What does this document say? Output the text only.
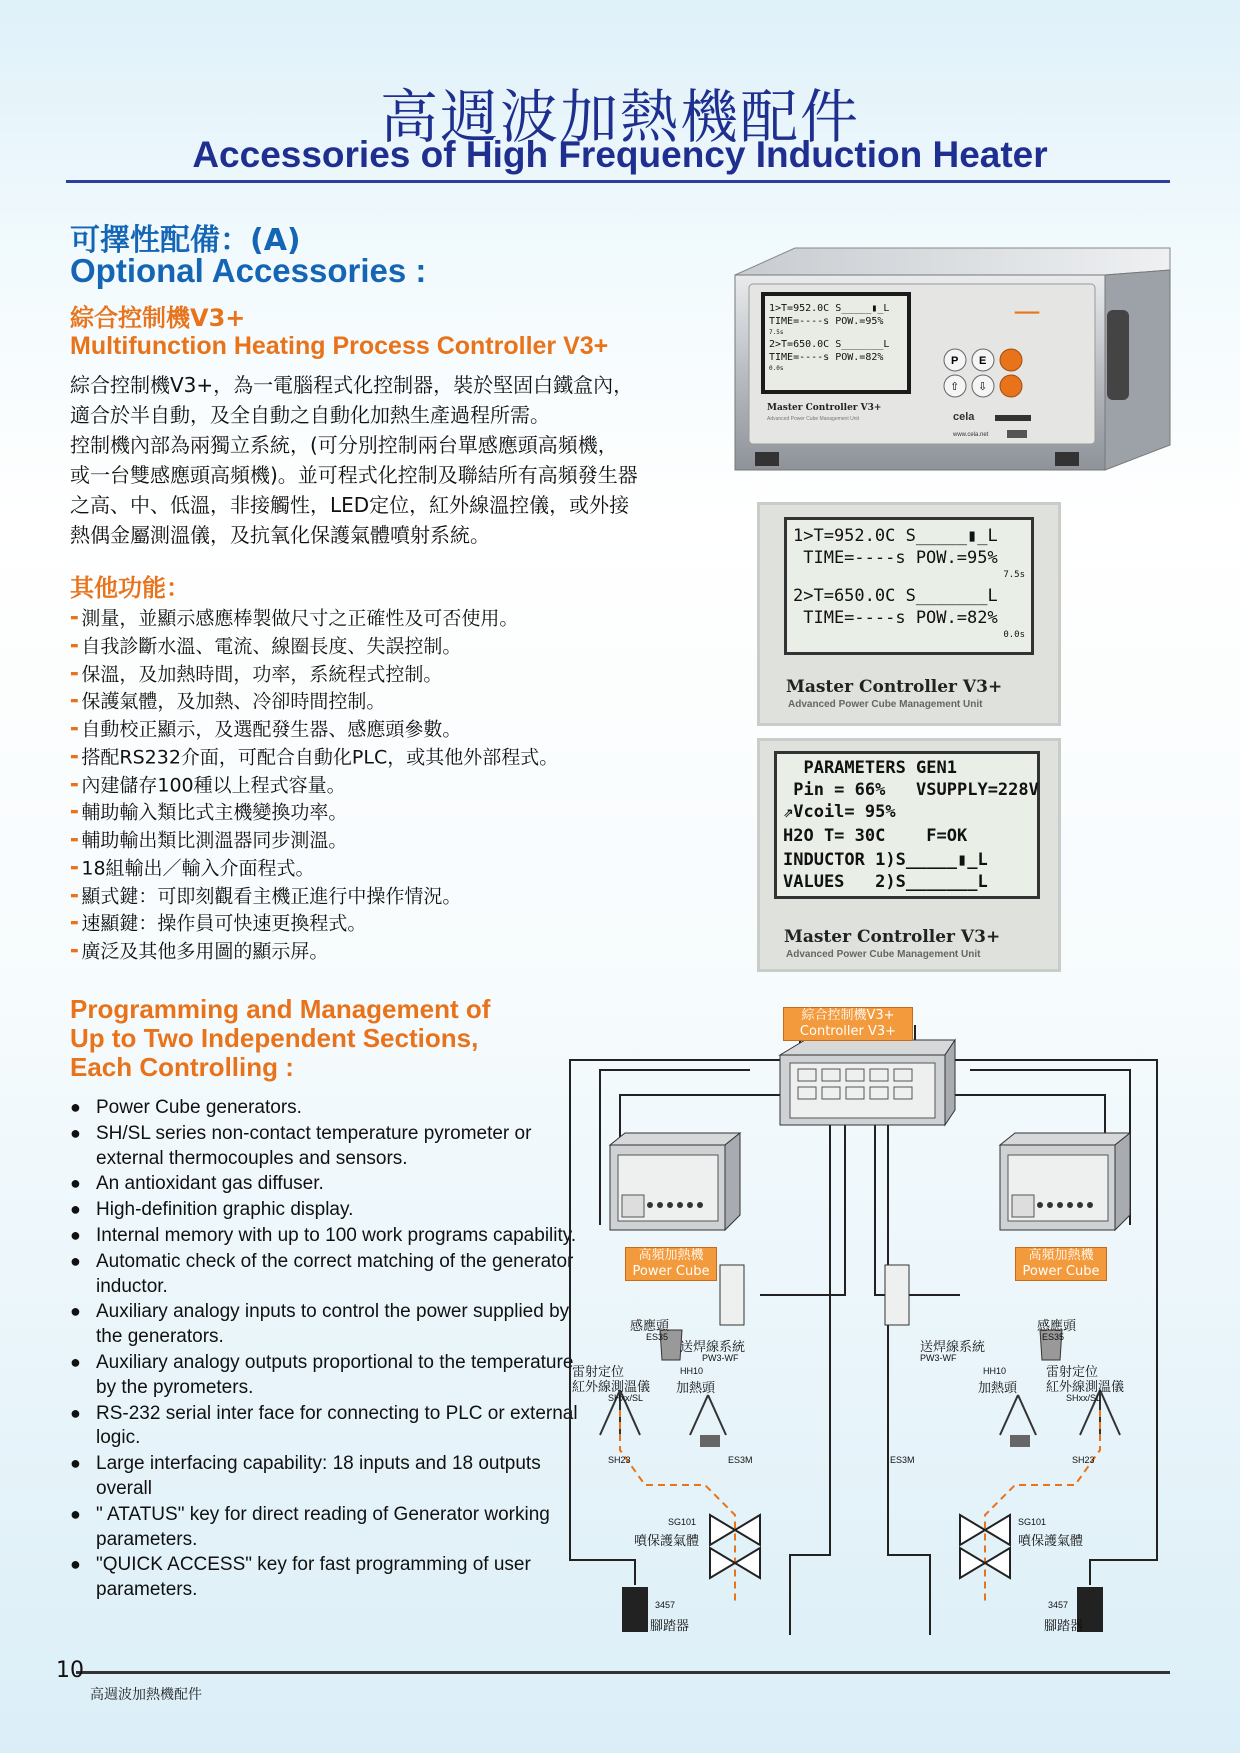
高週波加熱機配件
Accessories of High Frequency Induction Heater
可擇性配備：(A)
Optional Accessories :
綜合控制機V3+
Multifunction Heating Process Controller V3+

綜合控制機V3+，為一電腦程式化控制器，裝於堅固白鐵盒內，

適合於半自動，及全自動之自動化加熱生產過程所需。

控制機內部為兩獨立系統，(可分別控制兩台單感應頭高頻機，

或一台雙感應頭高頻機)。並可程式化控制及聯結所有高頻發生器

之高、中、低溫，非接觸性，LED定位，紅外線溫控儀，或外接

熱偶金屬測溫儀，及抗氧化保護氣體噴射系統。

其他功能：
▬ 測量，並顯示感應棒製做尺寸之正確性及可否使用。
▬ 自我診斷水溫、電流、線圈長度、失誤控制。
▬ 保溫，及加熱時間，功率，系統程式控制。
▬ 保護氣體，及加熱、冷卻時間控制。
▬ 自動校正顯示，及選配發生器、感應頭參數。
▬ 搭配RS232介面，可配合自動化PLC，或其他外部程式。
▬ 內建儲存100種以上程式容量。
▬ 輔助輸入類比式主機變換功率。
▬ 輔助輸出類比測溫器同步測溫。
▬ 18組輸出／輸入介面程式。
▬ 顯式鍵：可即刻觀看主機正進行中操作情況。
▬ 速顯鍵：操作員可快速更換程式。
▬ 廣泛及其他多用圖的顯示屏。
Programming and Management of
Up to Two Independent Sections,
Each Controlling :
● Power Cube generators.
● SH/SL series non-contact temperature pyrometer or external thermocouples and sensors.
● An antioxidant gas diffuser.
● High-definition graphic display.
● Internal memory with up to 100 work programs capability.
● Automatic check of the correct matching of the generator inductor.
● Auxiliary analogy inputs to control the power supplied by the generators.
● Auxiliary analogy outputs proportional to the temperature by the pyrometers.
● RS-232 serial inter face for connecting to PLC or external logic.
● Large interfacing capability: 18 inputs and 18 outputs overall
● " ATATUS" key for direct reading of Generator working parameters.
● "QUICK ACCESS" key for fast programming of user parameters.
━━━━
P E
⇧ ⇩
cela
www.cela.net
Master Controller V3+
Advanced Power Cube Management Unit
1>T=952.0C S_____▮_L
TIME=----s POW.=95%
7.5s
2>T=650.0C S_______L
TIME=----s POW.=82%
0.0s
1>T=952.0C S_____▮_L
TIME=----s POW.=95%
7.5s
2>T=650.0C S_______L
TIME=----s POW.=82%
0.0s
Master Controller V3+
Advanced Power Cube Management Unit
PARAMETERS GEN1
Pin = 66%   VSUPPLY=228V
⇗Vcoil= 95%
H2O T= 30C    F=OK
INDUCTOR 1)S_____▮_L
VALUES   2)S_______L
Master Controller V3+
Advanced Power Cube Management Unit
綜合控制機V3+
Controller V3+
高頻加熱機
Power Cube
高頻加熱機
Power Cube
感應頭
ES35
感應頭
ES35
送焊線系統
PW3-WF
送焊線系統
PW3-WF
HH10
加熱頭
HH10
加熱頭
雷射定位
紅外線測溫儀
SHxx/SL
雷射定位
紅外線測溫儀
SHxx/SL
SH23	SH23
ES3M	ES3M
SG101
噴保護氣體
SG101
噴保護氣體
3457
腳踏器
3457
腳踏器
10
高週波加熱機配件
